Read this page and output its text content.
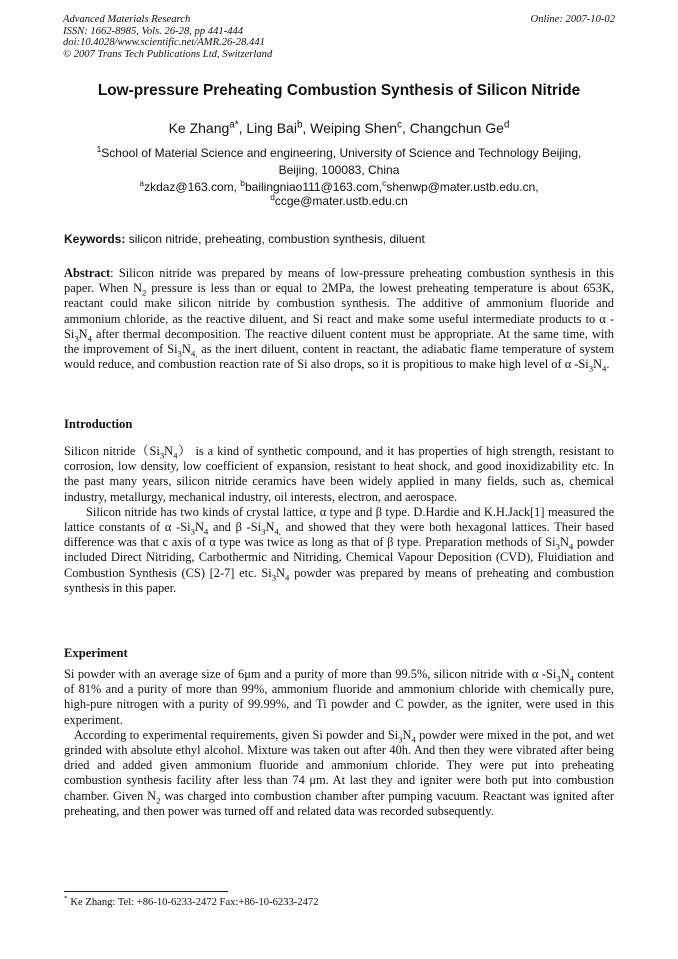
Advanced Materials Research
ISSN: 1662-8985, Vols. 26-28, pp 441-444
doi:10.4028/www.scientific.net/AMR.26-28.441
© 2007 Trans Tech Publications Ltd, Switzerland
Online: 2007-10-02
Low-pressure Preheating Combustion Synthesis of Silicon Nitride
Ke Zhang$^{a*}$, Ling Bai$^b$, Weiping Shen$^c$, Changchun Ge$^d$
$^1$School of Material Science and engineering, University of Science and Technology Beijing, Beijing, 100083, China
$^a$zkdaz@163.com, $^b$bailingniao111@163.com,$^c$shenwp@mater.ustb.edu.cn,
$^d$ccge@mater.ustb.edu.cn
Keywords: silicon nitride, preheating, combustion synthesis, diluent

Abstract: Silicon nitride was prepared by means of low-pressure preheating combustion synthesis in this paper. When $N_2$ pressure is less than or equal to 2MPa, the lowest preheating temperature is about 653K, reactant could make silicon nitride by combustion synthesis. The additive of ammonium fluoride and ammonium chloride, as the reactive diluent, and Si react and make some useful intermediate products to α $-Si_3N_4$ after thermal decomposition. The reactive diluent content must be appropriate. At the same time, with the improvement of $Si_3N_{4,}$ as the inert diluent, content in reactant, the adiabatic flame temperature of system would reduce, and combustion reaction rate of Si also drops, so it is propitious to make high level of α $-Si_3N_4$.

Introduction

Silicon $nitride(Si_3N_4)$ is a kind of synthetic compound, and it has properties of high strength, resistant to corrosion, low density, low coefficient of expansion, resistant to heat shock, and good inoxidizability etc. In the past many years, silicon nitride ceramics have been widely applied in many fields, such as, chemical industry, metallurgy, mechanical industry, oil interests, electron, and aerospace.

Silicon nitride has two kinds of crystal lattice, α type and β type. D.Hardie and K.H.Jack[1] measured the lattice constants of α $-Si_3N_4$ and β $-Si_3N_{4,}$ and showed that they were both hexagonal lattices. Their based difference was that c axis of α type was twice as long as that of β type. Preparation methods of $Si_3N_4$ powder included Direct Nitriding, Carbothermic and Nitriding, Chemical Vapour Deposition (CVD), Fluidiation and Combustion Synthesis (CS) [2-7] etc. $Si_3N_4$ powder was prepared by means of preheating and combustion synthesis in this paper.

Experiment

Si powder with an average size of 6μm and a purity of more than 99.5%, silicon nitride with α $-Si_3N_4$ content of 81% and a purity of more than 99%, ammonium fluoride and ammonium chloride with chemically pure, high-pure nitrogen with a purity of 99.99%, and Ti powder and C powder, as the igniter, were used in this experiment.

According to experimental requirements, given Si powder and $Si_3N_4$ powder were mixed in the pot, and wet grinded with absolute ethyl alcohol. Mixture was taken out after 40h. And then they were vibrated after being dried and added given ammonium fluoride and ammonium chloride. They were put into preheating combustion synthesis facility after less than 74 μm. At last they and igniter were both put into combustion chamber. Given $N_2$ was charged into combustion chamber after pumping vacuum. Reactant was ignited after preheating, and then power was turned off and related data was recorded subsequently.

* Ke Zhang: Tel: +86-10-6233-2472 Fax:+86-10-6233-2472
